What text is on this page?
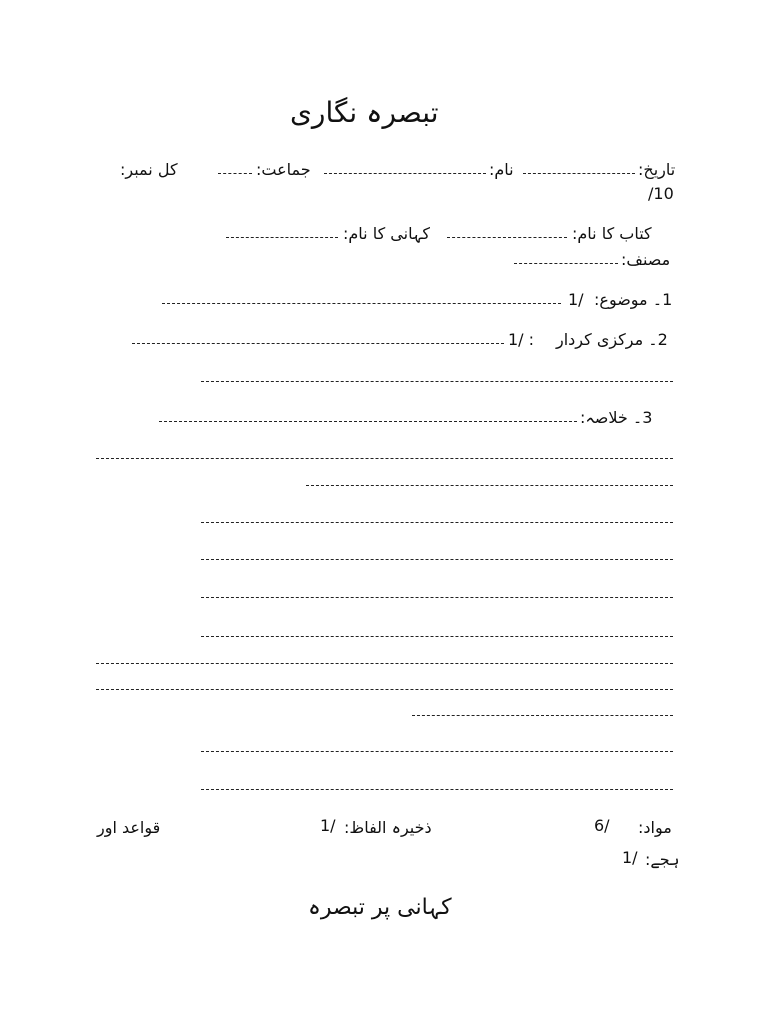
تبصرہ نگاری
تاریخ:
نام:
جماعت:
کل نمبر:
/10
کتاب کا نام:
کہانی کا نام:
مصنف:
1۔ موضوع:
1/
2۔ مرکزی کردار
1/ :
3۔ خلاصہ:
مواد:
6/
ذخیرہ الفاظ:
1/
قواعد اور
ہجے:
1/
کہانی پر تبصرہ
